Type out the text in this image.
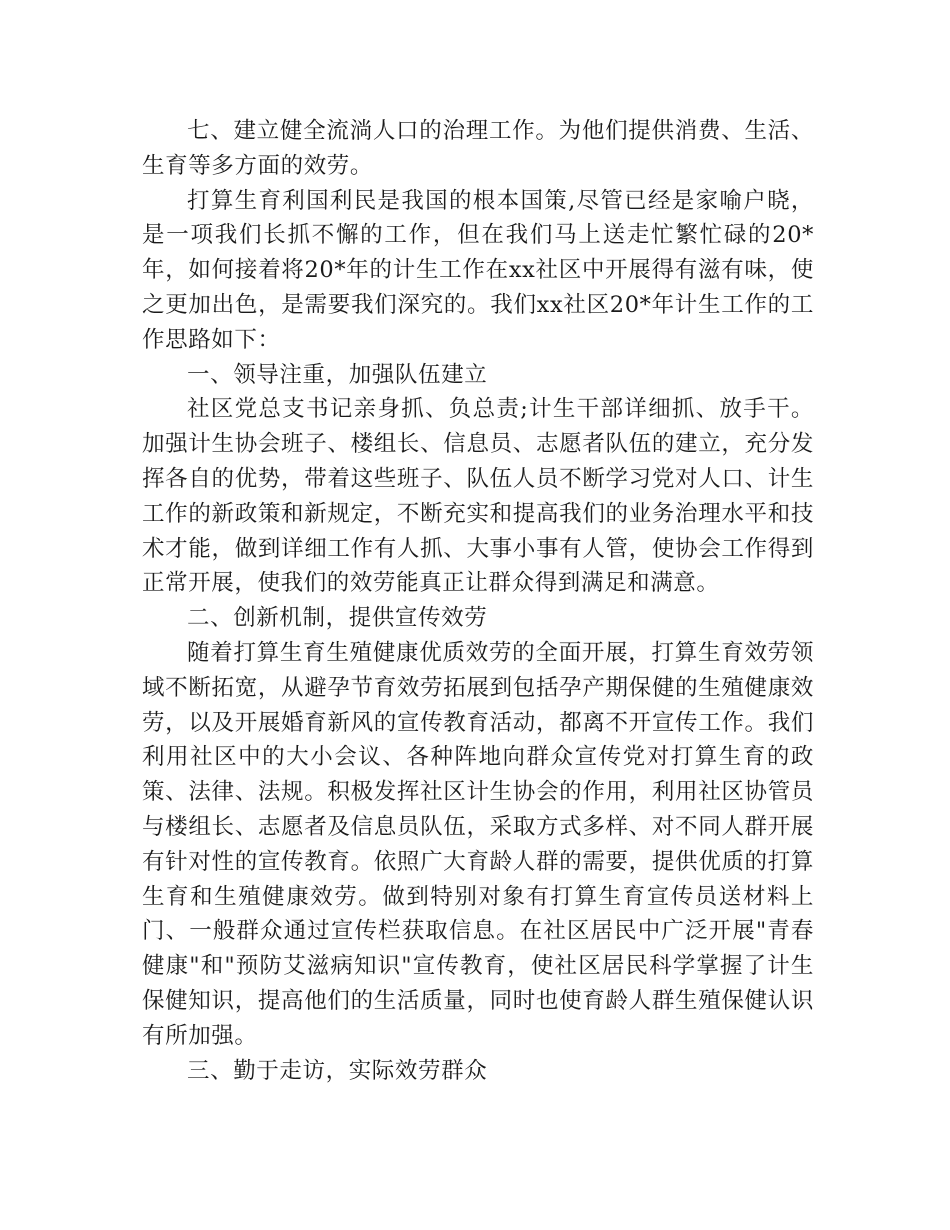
七、建立健全流淌人口的治理工作。为他们提供消费、生活、生育等多方面的效劳。

打算生育利国利民是我国的根本国策,尽管已经是家喻户晓，是一项我们长抓不懈的工作，但在我们马上送走忙繁忙碌的20*年，如何接着将20*年的计生工作在xx社区中开展得有滋有味，使之更加出色，是需要我们深究的。我们xx社区20*年计生工作的工作思路如下：

一、领导注重，加强队伍建立

社区党总支书记亲身抓、负总责;计生干部详细抓、放手干。加强计生协会班子、楼组长、信息员、志愿者队伍的建立，充分发挥各自的优势，带着这些班子、队伍人员不断学习党对人口、计生工作的新政策和新规定，不断充实和提高我们的业务治理水平和技术才能，做到详细工作有人抓、大事小事有人管，使协会工作得到正常开展，使我们的效劳能真正让群众得到满足和满意。

二、创新机制，提供宣传效劳

随着打算生育生殖健康优质效劳的全面开展，打算生育效劳领域不断拓宽，从避孕节育效劳拓展到包括孕产期保健的生殖健康效劳，以及开展婚育新风的宣传教育活动，都离不开宣传工作。我们利用社区中的大小会议、各种阵地向群众宣传党对打算生育的政策、法律、法规。积极发挥社区计生协会的作用，利用社区协管员与楼组长、志愿者及信息员队伍，采取方式多样、对不同人群开展有针对性的宣传教育。依照广大育龄人群的需要，提供优质的打算生育和生殖健康效劳。做到特别对象有打算生育宣传员送材料上门、一般群众通过宣传栏获取信息。在社区居民中广泛开展"青春健康"和"预防艾滋病知识"宣传教育，使社区居民科学掌握了计生保健知识，提高他们的生活质量，同时也使育龄人群生殖保健认识有所加强。

三、勤于走访，实际效劳群众
